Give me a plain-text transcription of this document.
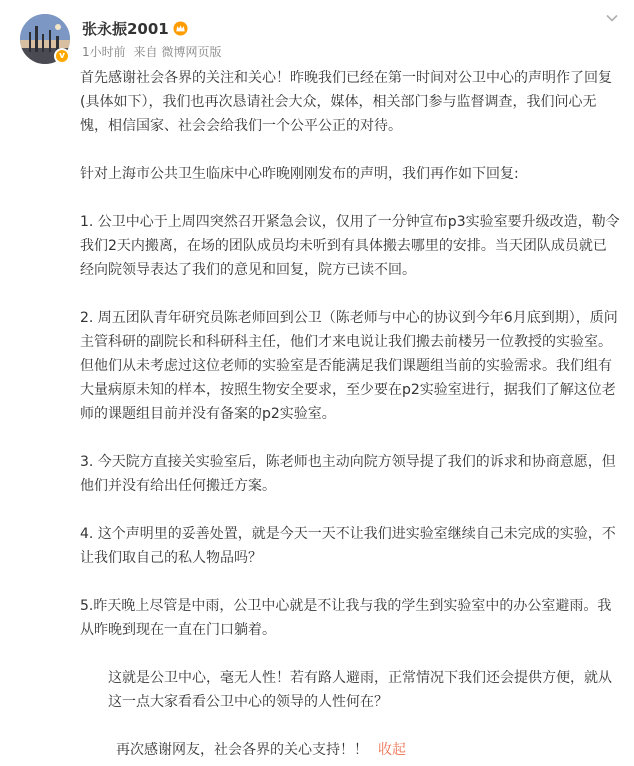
v
张永振2001
1小时前 来自 微博网页版

首先感谢社会各界的关注和关心！昨晚我们已经在第一时间对公卫中心的声明作了回复(具体如下），我们也再次恳请社会大众，媒体，相关部门参与监督调查，我们问心无愧，相信国家、社会会给我们一个公平公正的对待。

针对上海市公共卫生临床中心昨晚刚刚发布的声明，我们再作如下回复:

1. 公卫中心于上周四突然召开紧急会议，仅用了一分钟宣布p3实验室要升级改造，勒令我们2天内搬离，在场的团队成员均未听到有具体搬去哪里的安排。当天团队成员就已经向院领导表达了我们的意见和回复，院方已读不回。

2. 周五团队青年研究员陈老师回到公卫（陈老师与中心的协议到今年6月底到期），质问主管科研的副院长和科研科主任，他们才来电说让我们搬去前楼另一位教授的实验室。但他们从未考虑过这位老师的实验室是否能满足我们课题组当前的实验需求。我们组有大量病原未知的样本，按照生物安全要求，至少要在p2实验室进行，据我们了解这位老师的课题组目前并没有备案的p2实验室。

3. 今天院方直接关实验室后，陈老师也主动向院方领导提了我们的诉求和协商意愿，但他们并没有给出任何搬迁方案。

4. 这个声明里的妥善处置，就是今天一天不让我们进实验室继续自己未完成的实验，不让我们取自己的私人物品吗？

5.昨天晚上尽管是中雨，公卫中心就是不让我与我的学生到实验室中的办公室避雨。我从昨晚到现在一直在门口躺着。

这就是公卫中心，毫无人性！若有路人避雨，正常情况下我们还会提供方便，就从这一点大家看看公卫中心的领导的人性何在？

再次感谢网友，社会各界的关心支持！！ 收起
